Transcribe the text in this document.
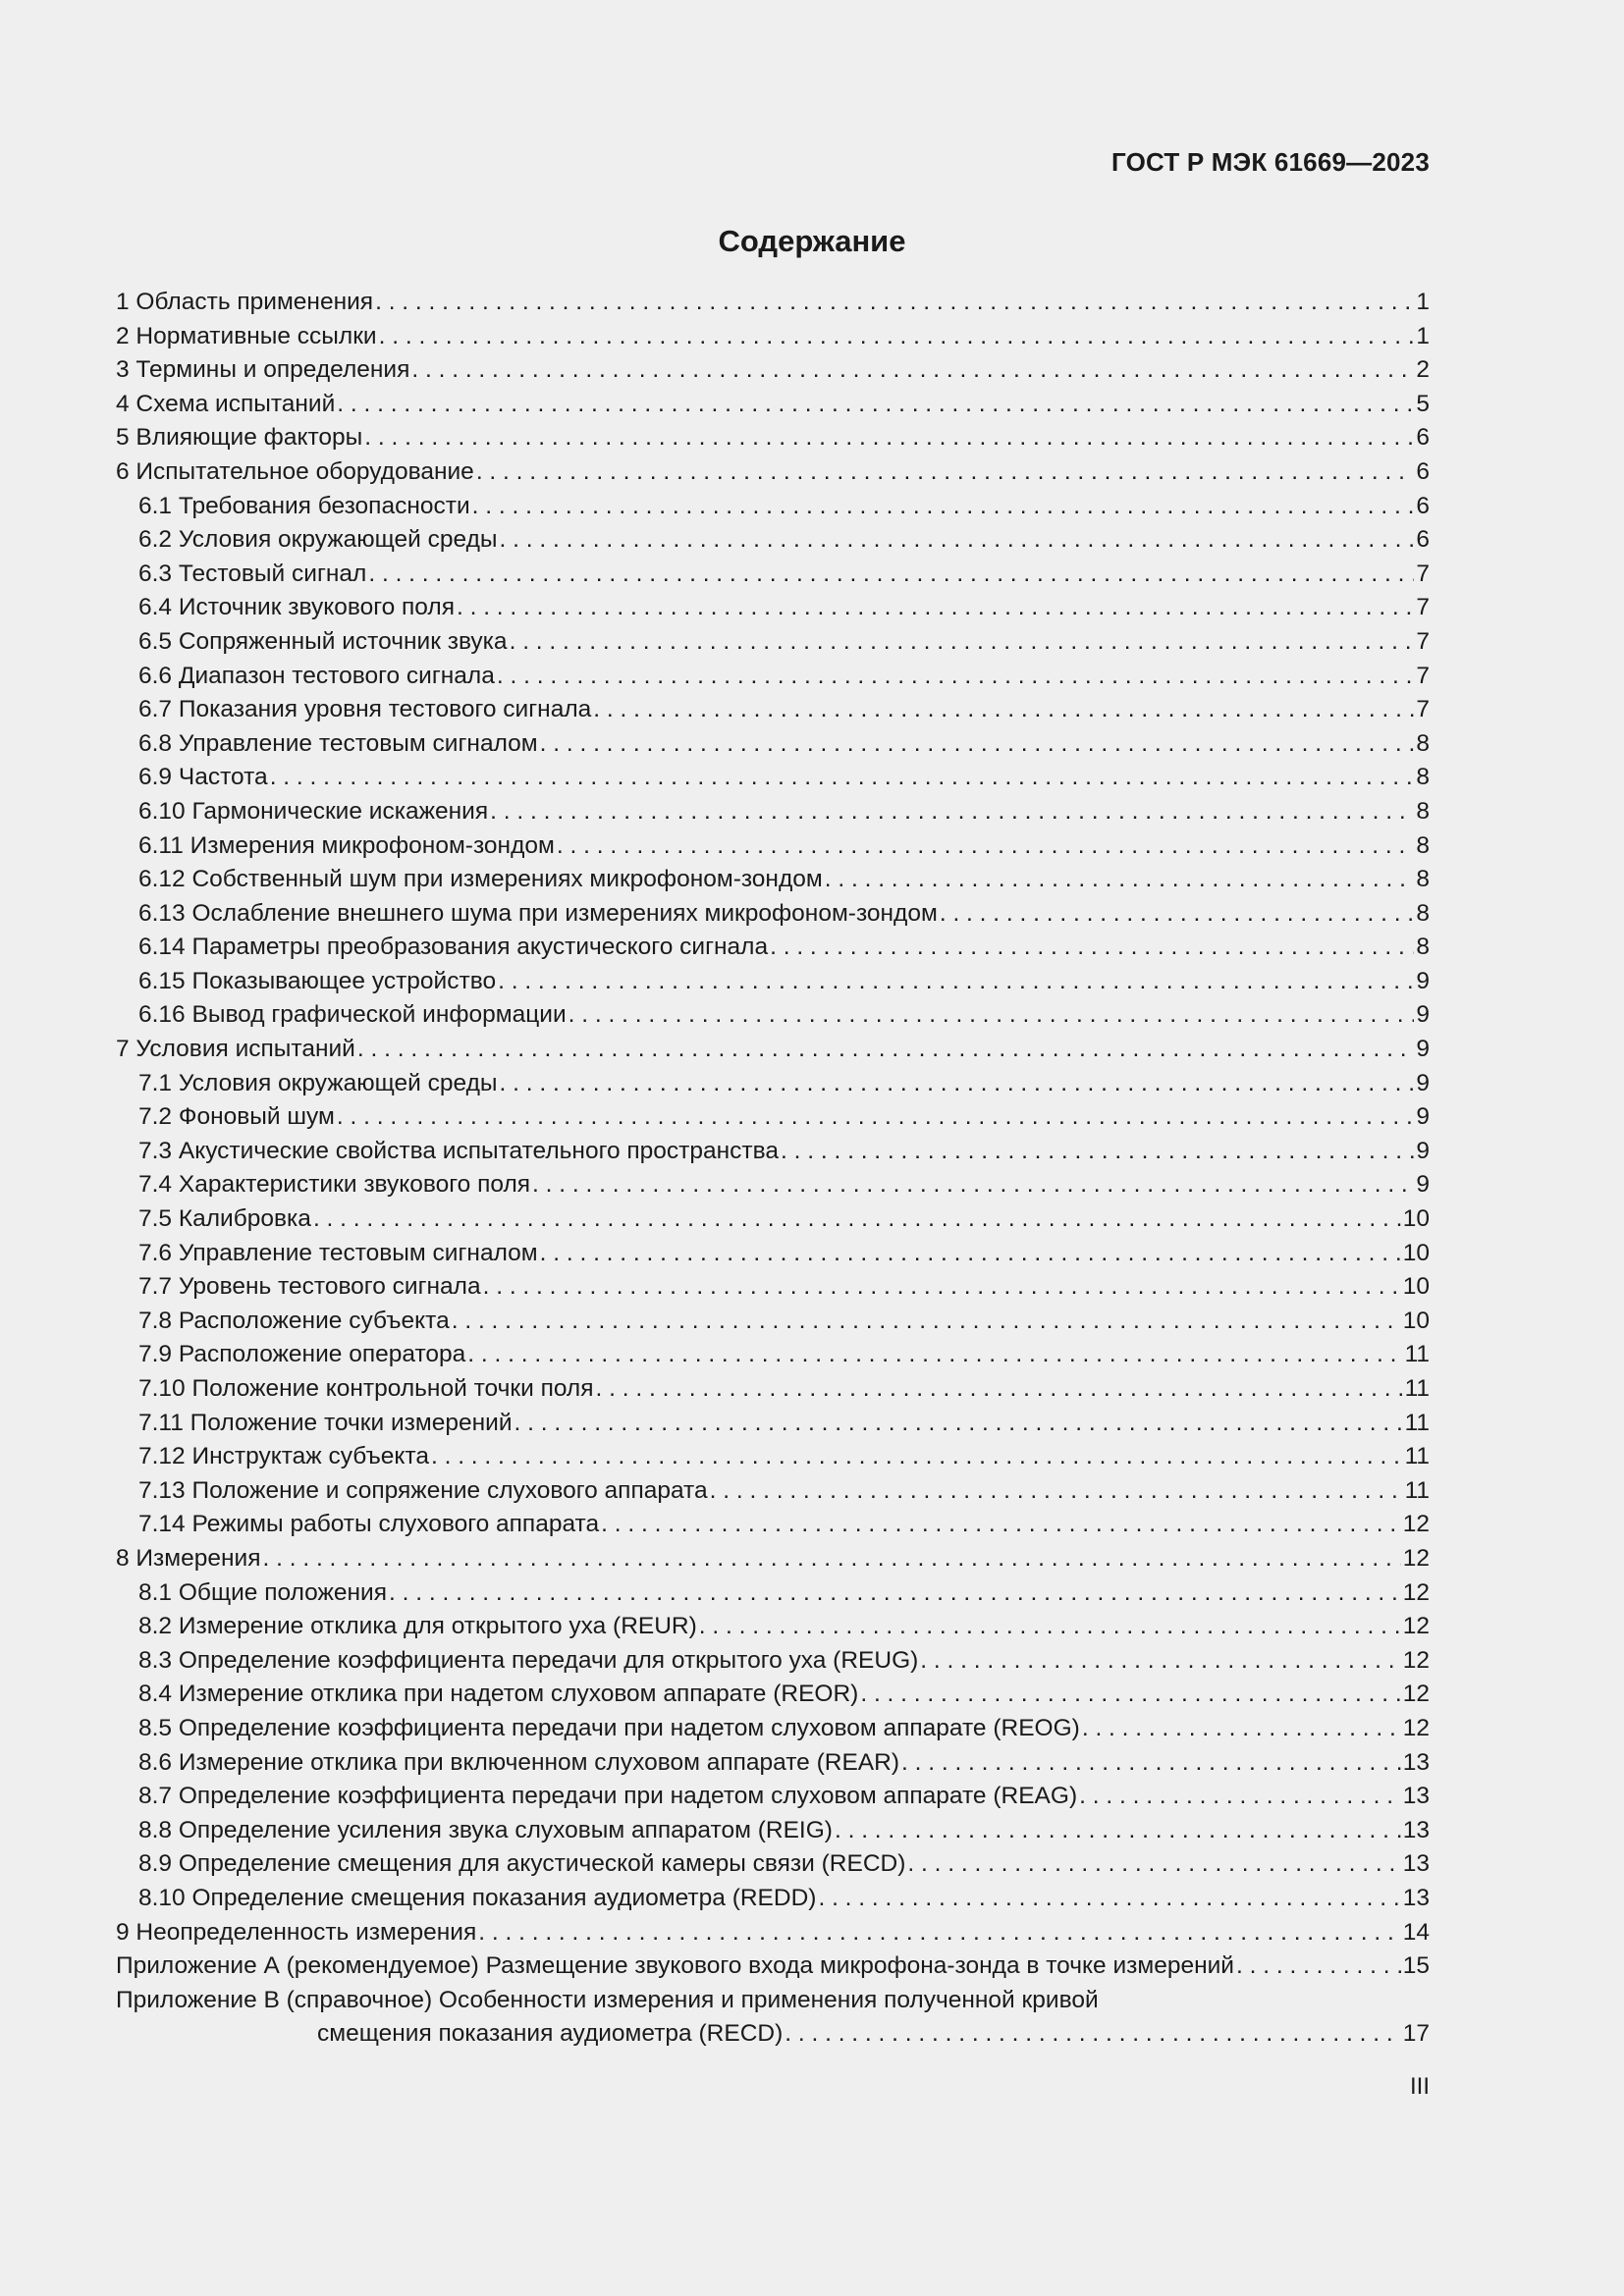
ГОСТ Р МЭК 61669—2023
Содержание
1 Область применения . . .	1
2 Нормативные ссылки . . .	1
3 Термины и определения . . .	2
4 Схема испытаний . . .	5
5 Влияющие факторы . . .	6
6 Испытательное оборудование . . .	6
6.1 Требования безопасности . . .	6
6.2 Условия окружающей среды . . .	6
6.3 Тестовый сигнал . . .	7
6.4 Источник звукового поля . . .	7
6.5 Сопряженный источник звука . . .	7
6.6 Диапазон тестового сигнала . . .	7
6.7 Показания уровня тестового сигнала . . .	7
6.8 Управление тестовым сигналом . . .	8
6.9 Частота . . .	8
6.10 Гармонические искажения . . .	8
6.11 Измерения микрофоном-зондом . . .	8
6.12 Собственный шум при измерениях микрофоном-зондом . . .	8
6.13 Ослабление внешнего шума при измерениях микрофоном-зондом . . .	8
6.14 Параметры преобразования акустического сигнала . . .	8
6.15 Показывающее устройство . . .	9
6.16 Вывод графической информации . . .	9
7 Условия испытаний . . .	9
7.1 Условия окружающей среды . . .	9
7.2 Фоновый шум . . .	9
7.3 Акустические свойства испытательного пространства . . .	9
7.4 Характеристики звукового поля . . .	9
7.5 Калибровка . . .	10
7.6 Управление тестовым сигналом . . .	10
7.7 Уровень тестового сигнала . . .	10
7.8 Расположение субъекта . . .	10
7.9 Расположение оператора . . .	11
7.10 Положение контрольной точки поля . . .	11
7.11 Положение точки измерений . . .	11
7.12 Инструктаж субъекта . . .	11
7.13 Положение и сопряжение слухового аппарата . . .	11
7.14 Режимы работы слухового аппарата . . .	12
8 Измерения . . .	12
8.1 Общие положения . . .	12
8.2 Измерение отклика для открытого уха (REUR) . . .	12
8.3 Определение коэффициента передачи для открытого уха (REUG) . . .	12
8.4 Измерение отклика при надетом слуховом аппарате (REOR) . . .	12
8.5 Определение коэффициента передачи при надетом слуховом аппарате (REOG) . . .	12
8.6 Измерение отклика при включенном слуховом аппарате (REAR) . . .	13
8.7 Определение коэффициента передачи при надетом слуховом аппарате (REAG) . . .	13
8.8 Определение усиления звука слуховым аппаратом (REIG) . . .	13
8.9 Определение смещения для акустической камеры связи (RECD) . . .	13
8.10 Определение смещения показания аудиометра (REDD) . . .	13
9 Неопределенность измерения . . .	14
Приложение А (рекомендуемое) Размещение звукового входа микрофона-зонда в точке измерений . . .	15
Приложение В (справочное) Особенности измерения и применения полученной кривой
смещения показания аудиометра (RECD) . . .	17
III
